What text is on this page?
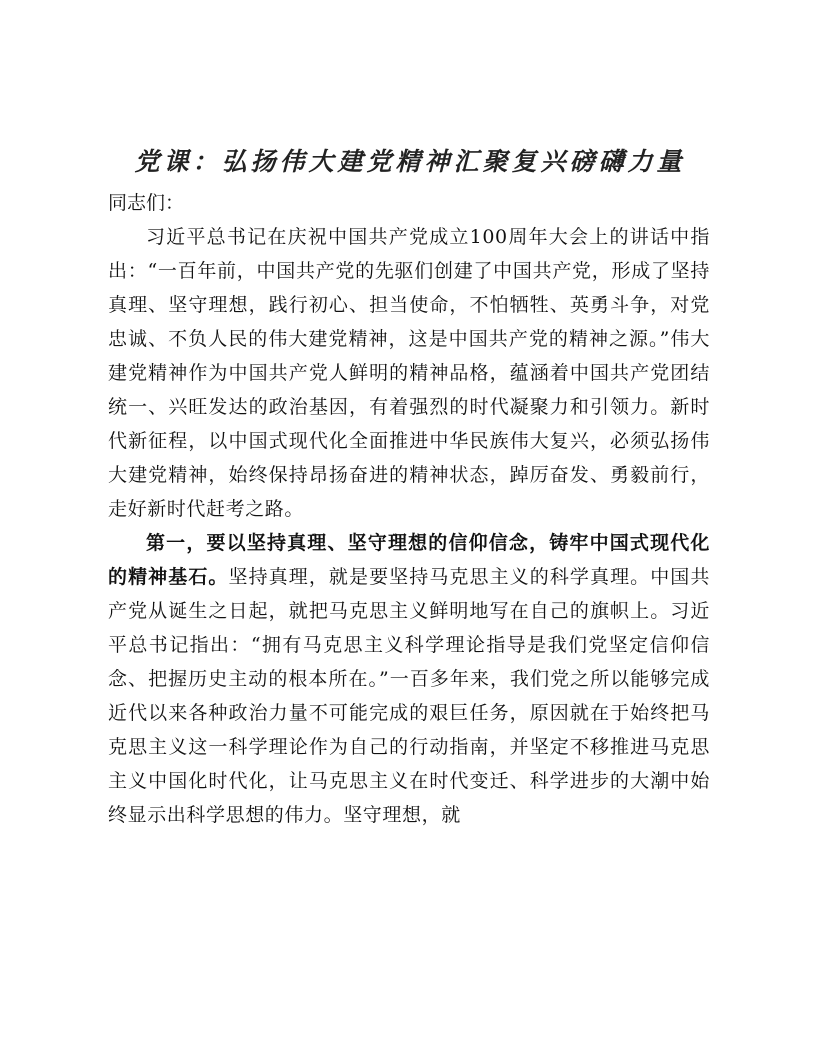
党课：弘扬伟大建党精神汇聚复兴磅礴力量

同志们：

习近平总书记在庆祝中国共产党成立100周年大会上的讲话中指出：“一百年前，中国共产党的先驱们创建了中国共产党，形成了坚持真理、坚守理想，践行初心、担当使命，不怕牺牲、英勇斗争，对党忠诚、不负人民的伟大建党精神，这是中国共产党的精神之源。”伟大建党精神作为中国共产党人鲜明的精神品格，蕴涵着中国共产党团结统一、兴旺发达的政治基因，有着强烈的时代凝聚力和引领力。新时代新征程，以中国式现代化全面推进中华民族伟大复兴，必须弘扬伟大建党精神，始终保持昂扬奋进的精神状态，踔厉奋发、勇毅前行，走好新时代赶考之路。

第一，要以坚持真理、坚守理想的信仰信念，铸牢中国式现代化的精神基石。坚持真理，就是要坚持马克思主义的科学真理。中国共产党从诞生之日起，就把马克思主义鲜明地写在自己的旗帜上。习近平总书记指出：“拥有马克思主义科学理论指导是我们党坚定信仰信念、把握历史主动的根本所在。”一百多年来，我们党之所以能够完成近代以来各种政治力量不可能完成的艰巨任务，原因就在于始终把马克思主义这一科学理论作为自己的行动指南，并坚定不移推进马克思主义中国化时代化，让马克思主义在时代变迁、科学进步的大潮中始终显示出科学思想的伟力。坚守理想，就
